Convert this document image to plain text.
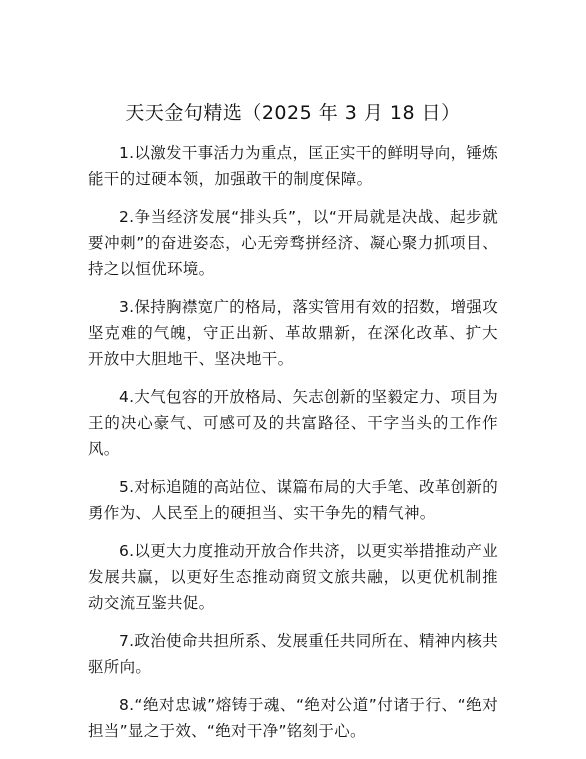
天天金句精选（2025 年 3 月 18 日）

1.以激发干事活力为重点，匡正实干的鲜明导向，锤炼能干的过硬本领，加强敢干的制度保障。

2.争当经济发展“排头兵”，以“开局就是决战、起步就要冲刺”的奋进姿态，心无旁骛拼经济、凝心聚力抓项目、持之以恒优环境。

3.保持胸襟宽广的格局，落实管用有效的招数，增强攻坚克难的气魄，守正出新、革故鼎新，在深化改革、扩大开放中大胆地干、坚决地干。

4.大气包容的开放格局、矢志创新的坚毅定力、项目为王的决心豪气、可感可及的共富路径、干字当头的工作作风。

5.对标追随的高站位、谋篇布局的大手笔、改革创新的勇作为、人民至上的硬担当、实干争先的精气神。

6.以更大力度推动开放合作共济，以更实举措推动产业发展共赢，以更好生态推动商贸文旅共融，以更优机制推动交流互鉴共促。

7.政治使命共担所系、发展重任共同所在、精神内核共驱所向。

8.“绝对忠诚”熔铸于魂、“绝对公道”付诸于行、“绝对担当”显之于效、“绝对干净”铭刻于心。
